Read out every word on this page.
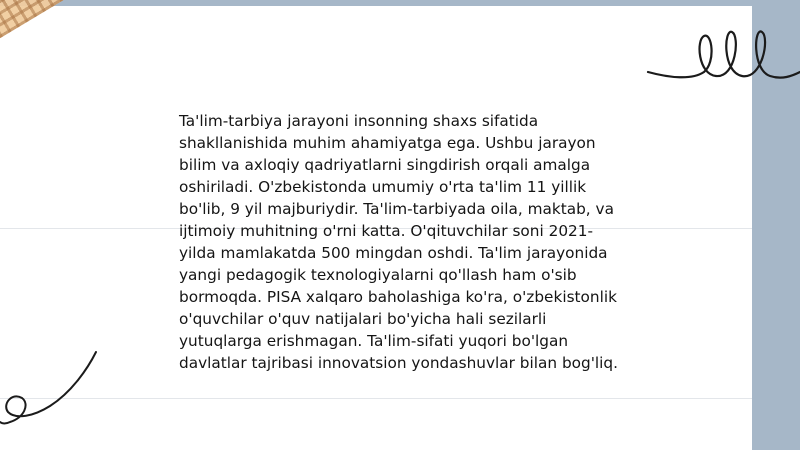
Ta'lim-tarbiya jarayoni insonning shaxs sifatida shakllanishida muhim ahamiyatga ega. Ushbu jarayon bilim va axloqiy qadriyatlarni singdirish orqali amalga oshiriladi. O'zbekistonda umumiy o'rta ta'lim 11 yillik bo'lib, 9 yil majburiydir. Ta'lim-tarbiyada oila, maktab, va ijtimoiy muhitning o'rni katta. O'qituvchilar soni 2021-yilda mamlakatda 500 mingdan oshdi. Ta'lim jarayonida yangi pedagogik texnologiyalarni qo'llash ham o'sib bormoqda. PISA xalqaro baholashiga ko'ra, o'zbekistonlik o'quvchilar o'quv natijalari bo'yicha hali sezilarli yutuqlarga erishmagan. Ta'lim-sifati yuqori bo'lgan davlatlar tajribasi innovatsion yondashuvlar bilan bog'liq.
